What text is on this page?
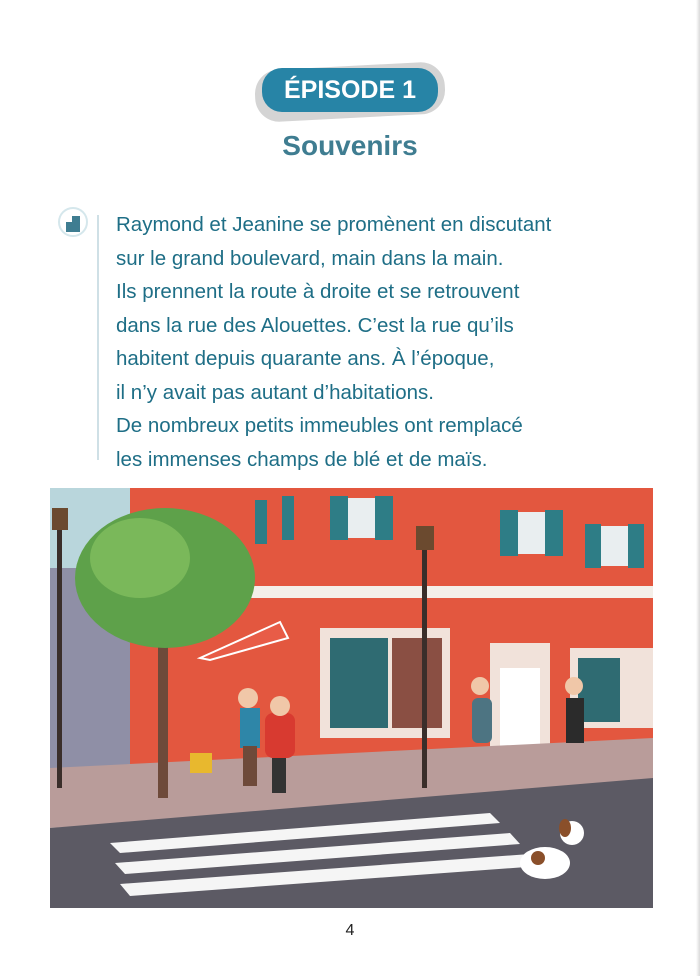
ÉPISODE 1
Souvenirs
Raymond et Jeanine se promènent en discutant
sur le grand boulevard, main dans la main.
Ils prennent la route à droite et se retrouvent
dans la rue des Alouettes. C’est la rue qu’ils
habitent depuis quarante ans. À l’époque,
il n’y avait pas autant d’habitations.
De nombreux petits immeubles ont remplacé
les immenses champs de blé et de maïs.
4
